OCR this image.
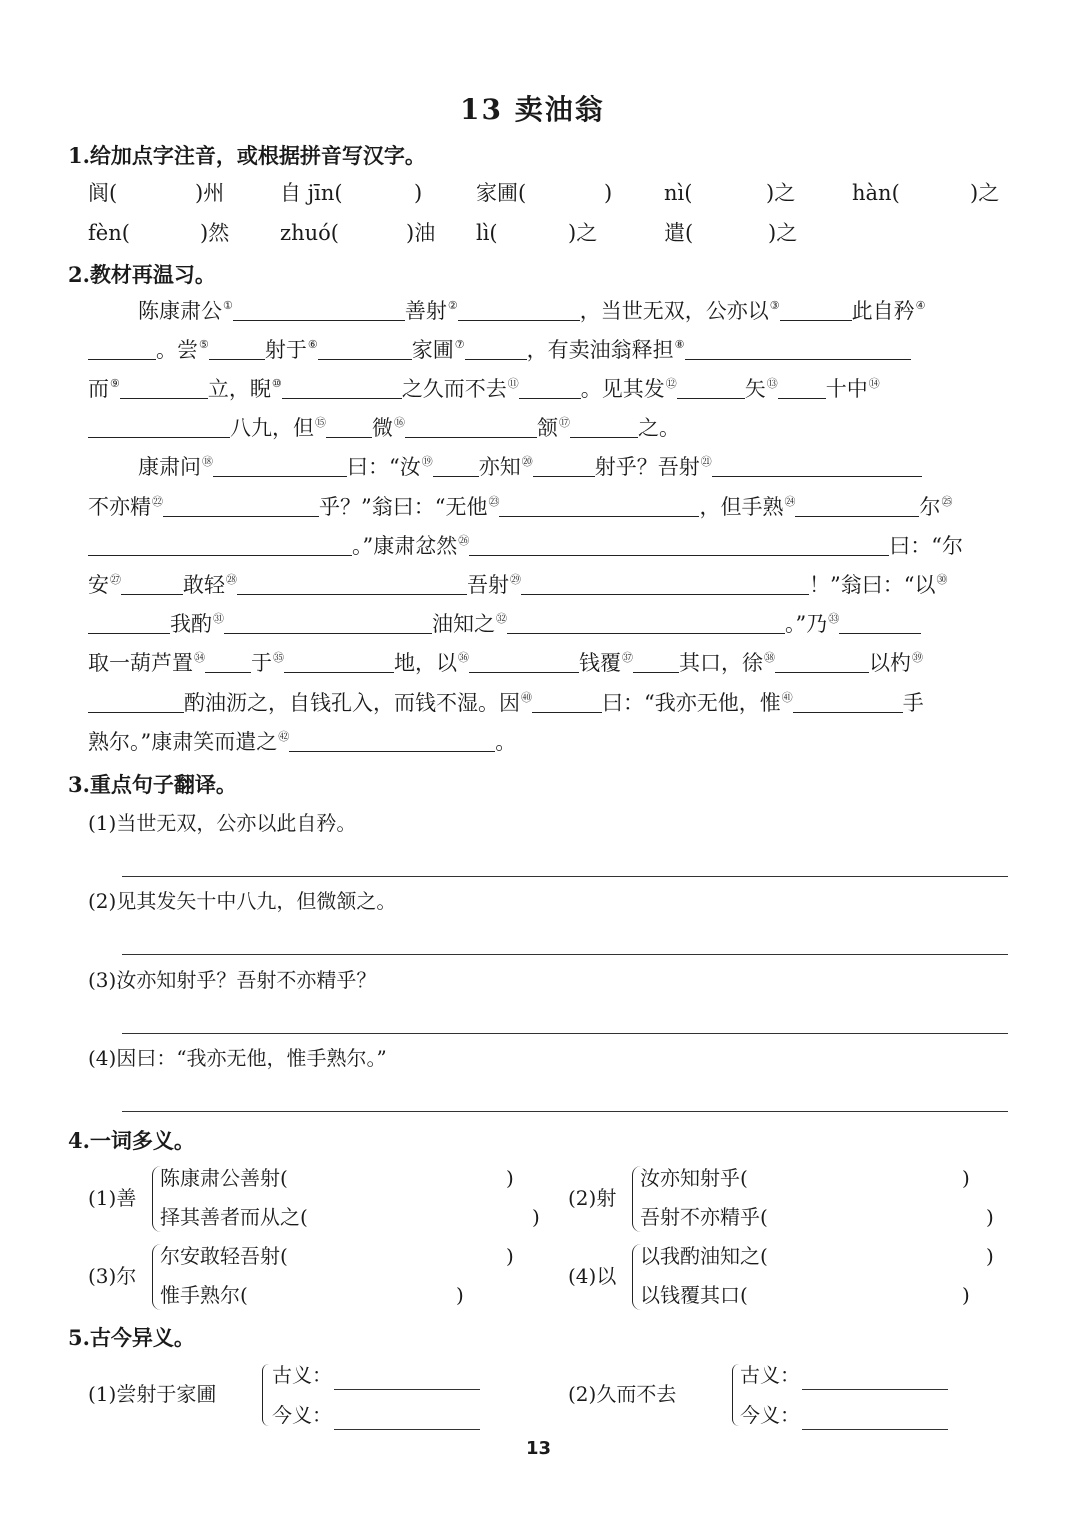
13 卖油翁
1.给加点字注音，或根据拼音写汉字。
阆(	)州	自 jīn(	)	家圃(	) nì(	)之	hàn(	)之
fèn(	)然 zhuó(	)油 lì(	)之	遣(	)之
2.教材再温习。
陈康肃公①	善射②	，当世无双，公亦以③	此自矜④
。尝⑤	射于⑥	家圃⑦	，有卖油翁释担⑧
而⑨	立，睨⑩	之久而不去⑪	。见其发⑫	矢⑬ 十中⑭
八九，但⑮ 微⑯	颔⑰	之。
康肃问⑱	曰：“汝⑲ 亦知⑳	射乎？吾射$^㉑$
不亦精$^㉒$	乎？”翁曰：“无他$^㉓$	，但手熟$^㉔$	尔$^㉕$
。”康肃忿然$^㉖$	曰：“尔
安$^㉗$	敢轻$^㉘$	吾射$^㉙$	！”翁曰：“以$^㉚$
我酌$^㉛$	油知之$^㉜$	。”乃$^㉝$
取一葫芦置$^㉞$ 于$^㉟$	地，以$^㊱$	钱覆$^㊲$ 其口，徐$^㊳$	以杓$^㊴$
酌油沥之，自钱孔入，而钱不湿。因$^㊵$	曰：“我亦无他，惟$^㊶$	手
熟尔。”康肃笑而遣之$^㊷$	。
3.重点句子翻译。
(1)当世无双，公亦以此自矜。
(2)见其发矢十中八九，但微颔之。
(3)汝亦知射乎？吾射不亦精乎？
(4)因曰：“我亦无他，惟手熟尔。”
4.一词多义。
(1)善
陈康肃公善射(	)
择其善者而从之(	)
(2)射
汝亦知射乎(	)
吾射不亦精乎(	)
(3)尔
尔安敢轻吾射(	)
惟手熟尔(	)
(4)以
以我酌油知之(	)
以钱覆其口(	)
5.古今异义。
(1)尝射于家圃
古义：
今义：
(2)久而不去
古义：
今义：
13
